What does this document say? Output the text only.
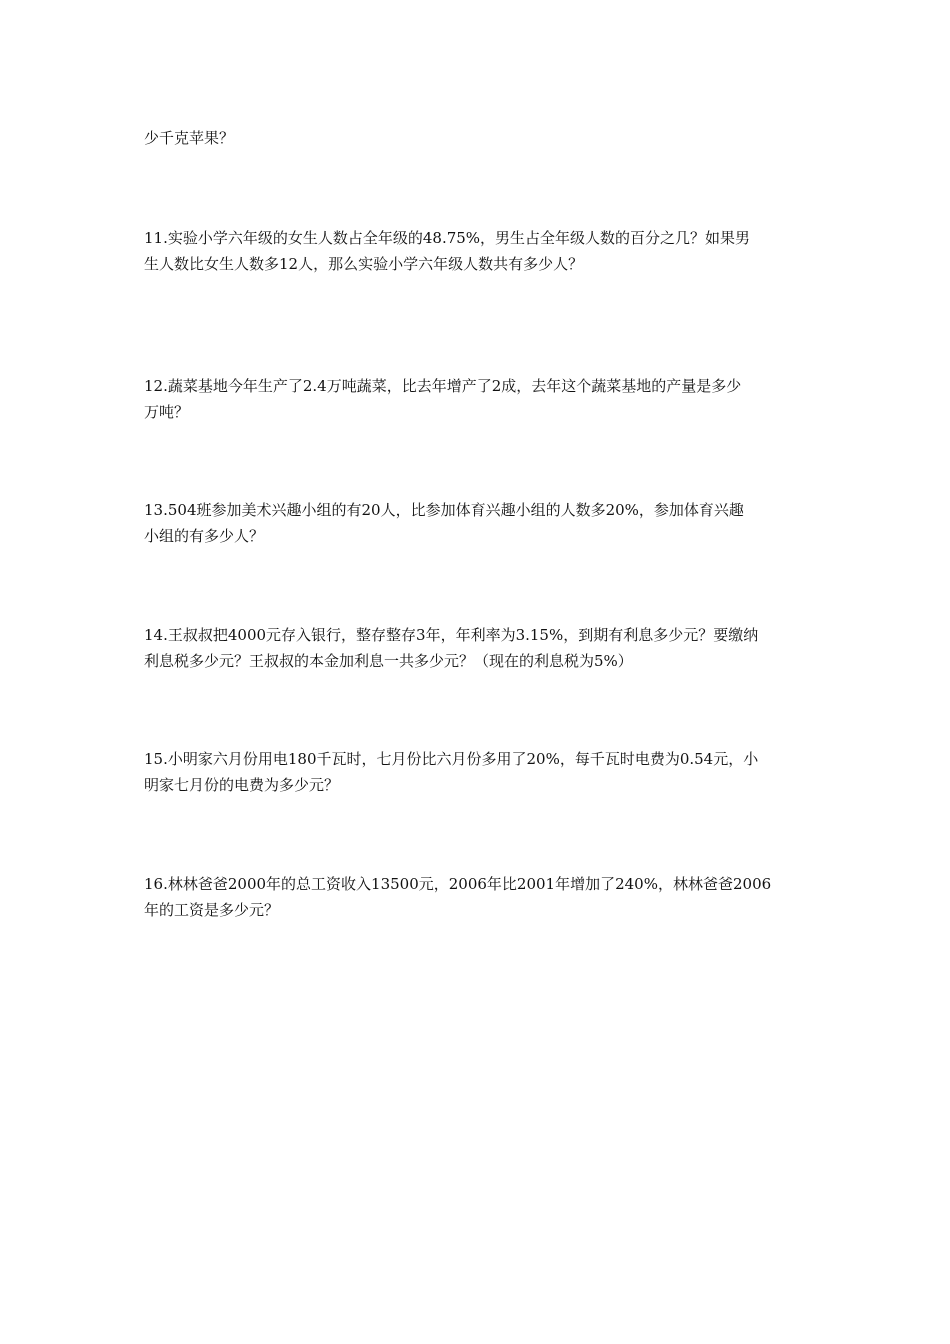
少千克苹果？
11.实验小学六年级的女生人数占全年级的48.75%，男生占全年级人数的百分之几？如果男
生人数比女生人数多12人，那么实验小学六年级人数共有多少人？
12.蔬菜基地今年生产了2.4万吨蔬菜，比去年增产了2成，去年这个蔬菜基地的产量是多少
万吨？
13.504班参加美术兴趣小组的有20人，比参加体育兴趣小组的人数多20%，参加体育兴趣
小组的有多少人？
14.王叔叔把4000元存入银行，整存整存3年，年利率为3.15%，到期有利息多少元？要缴纳
利息税多少元？王叔叔的本金加利息一共多少元？（现在的利息税为5%）
15.小明家六月份用电180千瓦时，七月份比六月份多用了20%，每千瓦时电费为0.54元，小
明家七月份的电费为多少元？
16.林林爸爸2000年的总工资收入13500元，2006年比2001年增加了240%，林林爸爸2006
年的工资是多少元？
